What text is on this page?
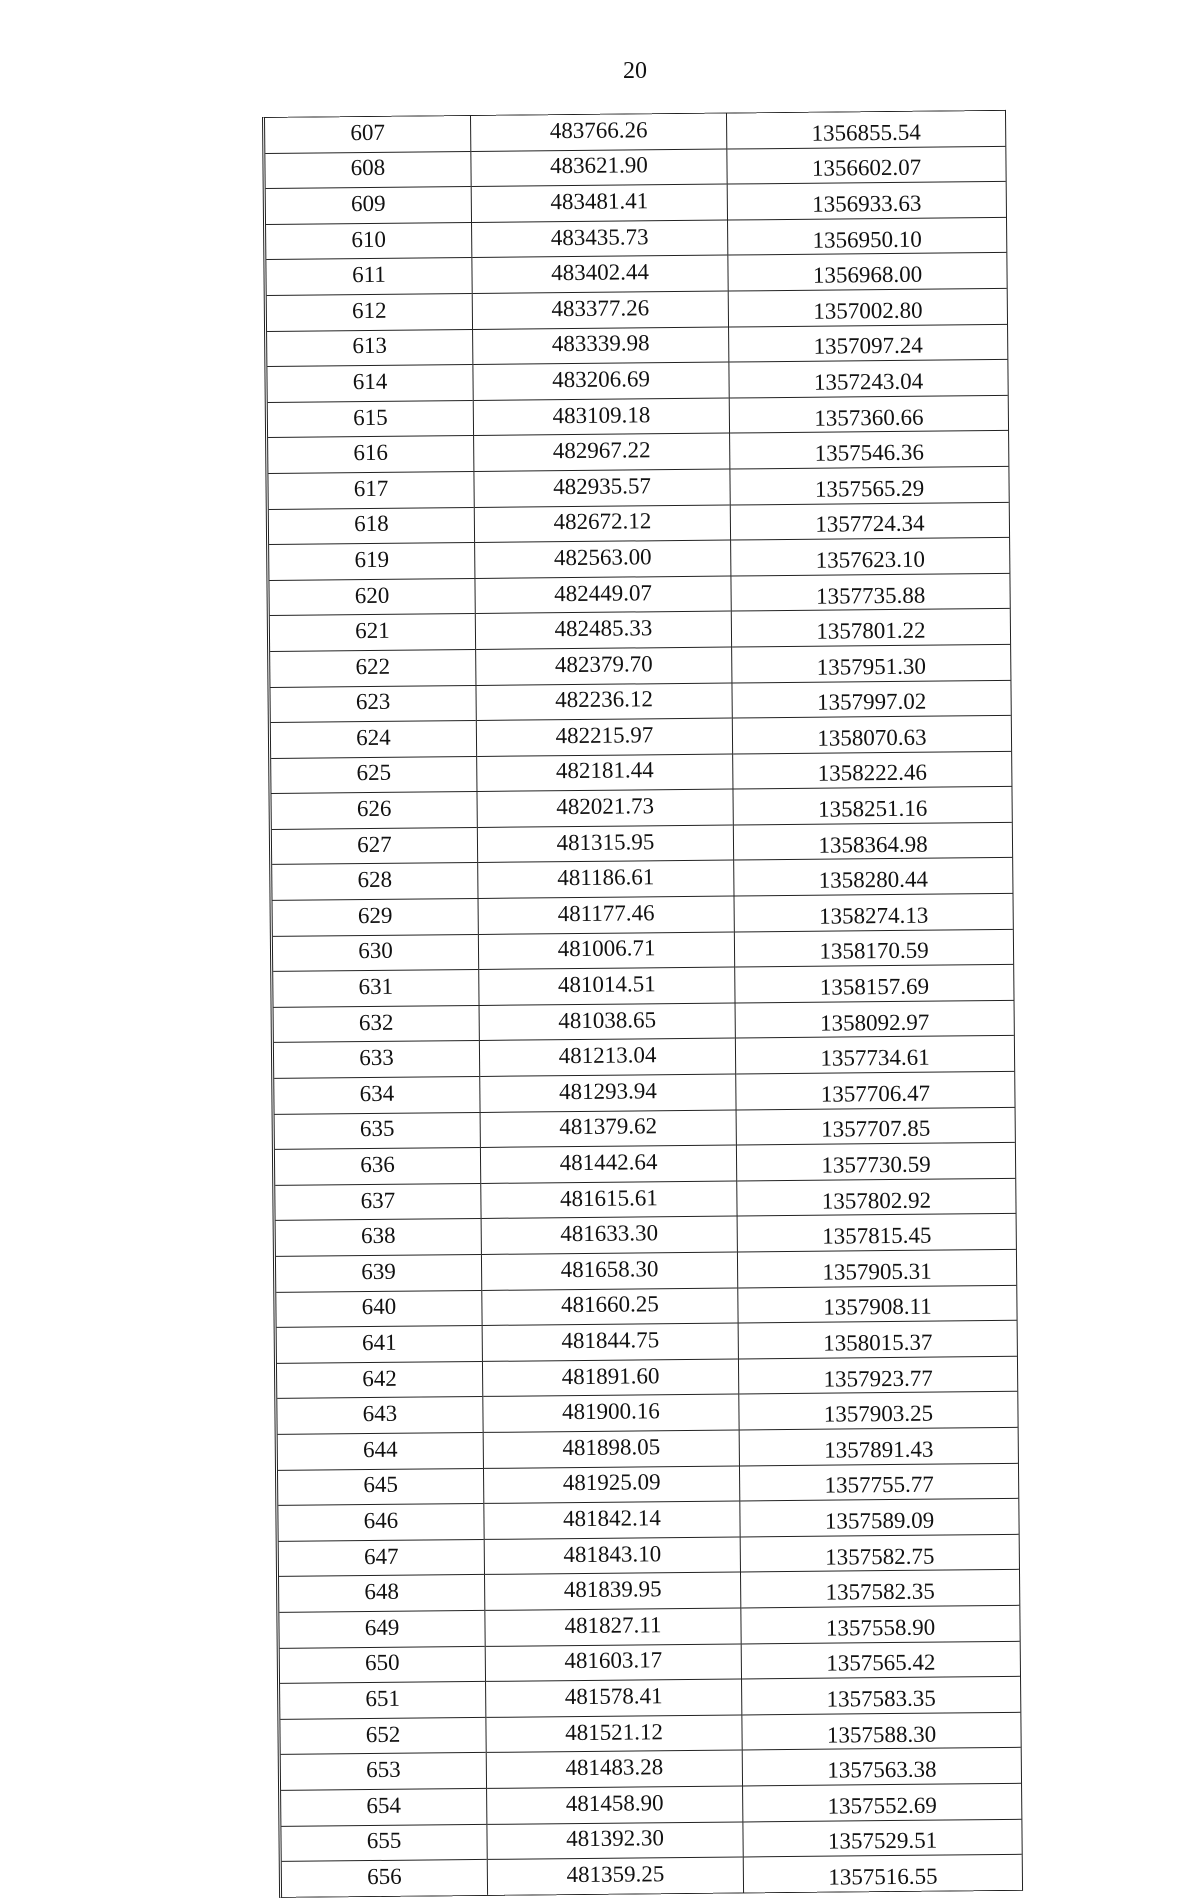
20
607	483766.26	1356855.54
608	483621.90	1356602.07
609	483481.41	1356933.63
610	483435.73	1356950.10
611	483402.44	1356968.00
612	483377.26	1357002.80
613	483339.98	1357097.24
614	483206.69	1357243.04
615	483109.18	1357360.66
616	482967.22	1357546.36
617	482935.57	1357565.29
618	482672.12	1357724.34
619	482563.00	1357623.10
620	482449.07	1357735.88
621	482485.33	1357801.22
622	482379.70	1357951.30
623	482236.12	1357997.02
624	482215.97	1358070.63
625	482181.44	1358222.46
626	482021.73	1358251.16
627	481315.95	1358364.98
628	481186.61	1358280.44
629	481177.46	1358274.13
630	481006.71	1358170.59
631	481014.51	1358157.69
632	481038.65	1358092.97
633	481213.04	1357734.61
634	481293.94	1357706.47
635	481379.62	1357707.85
636	481442.64	1357730.59
637	481615.61	1357802.92
638	481633.30	1357815.45
639	481658.30	1357905.31
640	481660.25	1357908.11
641	481844.75	1358015.37
642	481891.60	1357923.77
643	481900.16	1357903.25
644	481898.05	1357891.43
645	481925.09	1357755.77
646	481842.14	1357589.09
647	481843.10	1357582.75
648	481839.95	1357582.35
649	481827.11	1357558.90
650	481603.17	1357565.42
651	481578.41	1357583.35
652	481521.12	1357588.30
653	481483.28	1357563.38
654	481458.90	1357552.69
655	481392.30	1357529.51
656	481359.25	1357516.55
